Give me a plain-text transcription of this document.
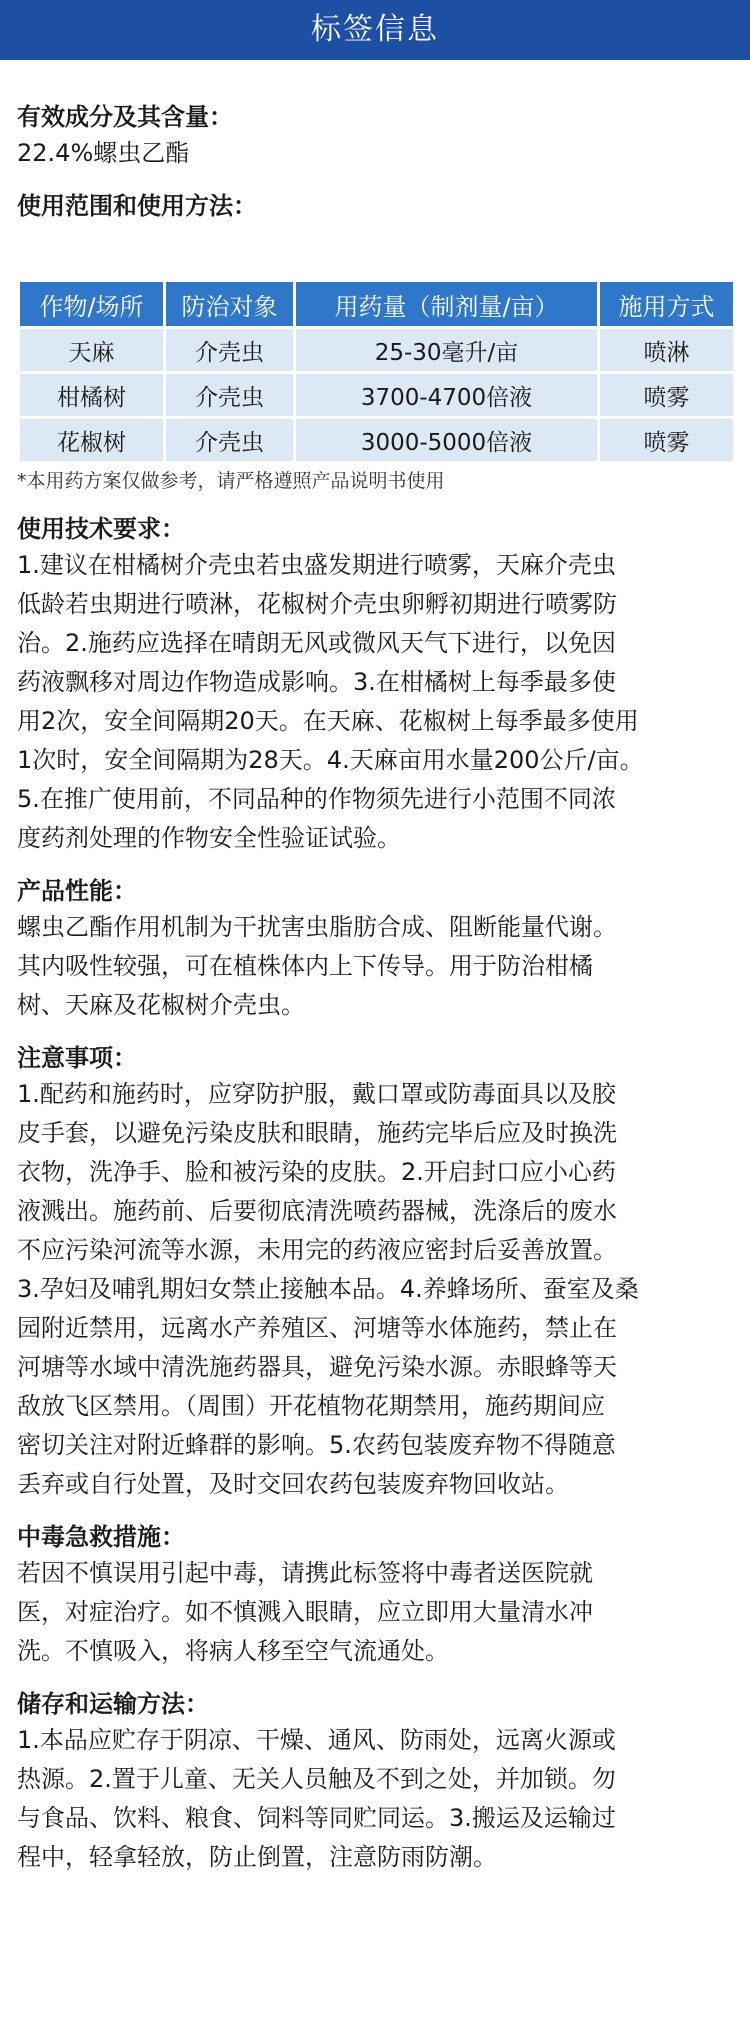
标签信息
有效成分及其含量：
22.4%螺虫乙酯
使用范围和使用方法：
作物/场所	防治对象	用药量（制剂量/亩）	施用方式
天麻	介壳虫	25-30毫升/亩	喷淋
柑橘树	介壳虫	3700-4700倍液	喷雾
花椒树	介壳虫	3000-5000倍液	喷雾
*本用药方案仅做参考，请严格遵照产品说明书使用
使用技术要求：
1.建议在柑橘树介壳虫若虫盛发期进行喷雾，天麻介壳虫
低龄若虫期进行喷淋，花椒树介壳虫卵孵初期进行喷雾防
治。2.施药应选择在晴朗无风或微风天气下进行，以免因
药液飘移对周边作物造成影响。3.在柑橘树上每季最多使
用2次，安全间隔期20天。在天麻、花椒树上每季最多使用
1次时，安全间隔期为28天。4.天麻亩用水量200公斤/亩。
5.在推广使用前，不同品种的作物须先进行小范围不同浓
度药剂处理的作物安全性验证试验。
产品性能：
螺虫乙酯作用机制为干扰害虫脂肪合成、阻断能量代谢。
其内吸性较强，可在植株体内上下传导。用于防治柑橘
树、天麻及花椒树介壳虫。
注意事项：
1.配药和施药时，应穿防护服，戴口罩或防毒面具以及胶
皮手套，以避免污染皮肤和眼睛，施药完毕后应及时换洗
衣物，洗净手、脸和被污染的皮肤。2.开启封口应小心药
液溅出。施药前、后要彻底清洗喷药器械，洗涤后的废水
不应污染河流等水源，未用完的药液应密封后妥善放置。
3.孕妇及哺乳期妇女禁止接触本品。4.养蜂场所、蚕室及桑
园附近禁用，远离水产养殖区、河塘等水体施药，禁止在
河塘等水域中清洗施药器具，避免污染水源。赤眼蜂等天
敌放飞区禁用。（周围）开花植物花期禁用，施药期间应
密切关注对附近蜂群的影响。5.农药包装废弃物不得随意
丢弃或自行处置，及时交回农药包装废弃物回收站。
中毒急救措施：
若因不慎误用引起中毒，请携此标签将中毒者送医院就
医，对症治疗。如不慎溅入眼睛，应立即用大量清水冲
洗。不慎吸入，将病人移至空气流通处。
储存和运输方法：
1.本品应贮存于阴凉、干燥、通风、防雨处，远离火源或
热源。2.置于儿童、无关人员触及不到之处，并加锁。勿
与食品、饮料、粮食、饲料等同贮同运。3.搬运及运输过
程中，轻拿轻放，防止倒置，注意防雨防潮。
